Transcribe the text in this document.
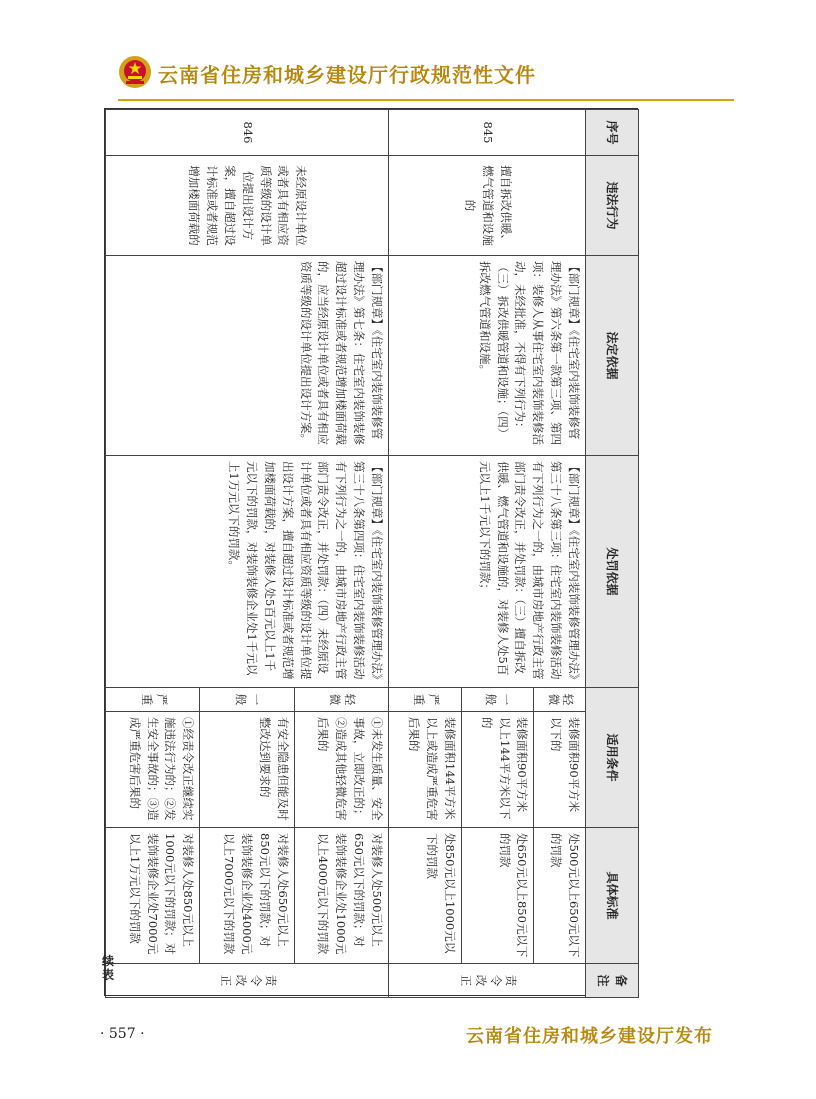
云南省住房和城乡建设厅行政规范性文件
序号	违法行为	法定依据	处罚依据	适用条件		具体标准	备注
845	擅自拆改供暖、燃气管道和设施的	【部门规章】《住宅室内装饰装修管理办法》第六条第一款第三项、第四项：装修人从事住宅室内装饰装修活动，未经批准，不得有下列行为：（三）拆改供暖管道和设施；（四）拆改燃气管道和设施。	【部门规章】《住宅室内装饰装修管理办法》第三十八条第三项：住宅室内装饰装修活动有下列行为之一的，由城市房地产行政主管部门责令改正，并处罚款：（三）擅自拆改供暖、燃气管道和设施的，对装修人处5百元以上1千元以下的罚款；	轻微	装修面积90平方米以下的	处500元以上650元以下的罚款	责令改正
				一般	装修面积90平方米以上144平方米以下的	处650元以上850元以下的罚款	
				严重	装修面积144平方米以上或造成严重危害后果的	处850元以上1000元以下的罚款	
846	未经原设计单位或者具有相应资质等级的设计单位提出设计方案，擅自超过设计标准或者规范增加楼面荷载的	【部门规章】《住宅室内装饰装修管理办法》第七条：住宅室内装饰装修超过设计标准或者规范增加楼面荷载的，应当经原设计单位或者具有相应资质等级的设计单位提出设计方案。	【部门规章】《住宅室内装饰装修管理办法》第三十八条第四项：住宅室内装饰装修活动有下列行为之一的，由城市房地产行政主管部门责令改正，并处罚款：（四）未经原设计单位或者具有相应资质等级的设计单位提出设计方案，擅自超过设计标准或者规范增加楼面荷载的，对装修人处5百元以上1千元以下的罚款，对装饰装修企业处1千元以上1万元以下的罚款。	轻微	①未发生质量、安全事故，立即改正的；②造成其他轻微危害后果的	对装修人处500元以上650元以下的罚款；对装饰装修企业处1000元以上4000元以下的罚款	责令改正
				一般	有安全隐患但能及时整改达到要求的	对装修人处650元以上850元以下的罚款；对装饰装修企业处4000元以上7000元以下的罚款	
				严重	①经责令改正继续实施违法行为的；②发生安全事故的；③造成严重危害后果的	对装修人处850元以上1000元以下的罚款；对装饰装修企业处7000元以上1万元以下的罚款	
续表
· 557 ·	云南省住房和城乡建设厅发布
